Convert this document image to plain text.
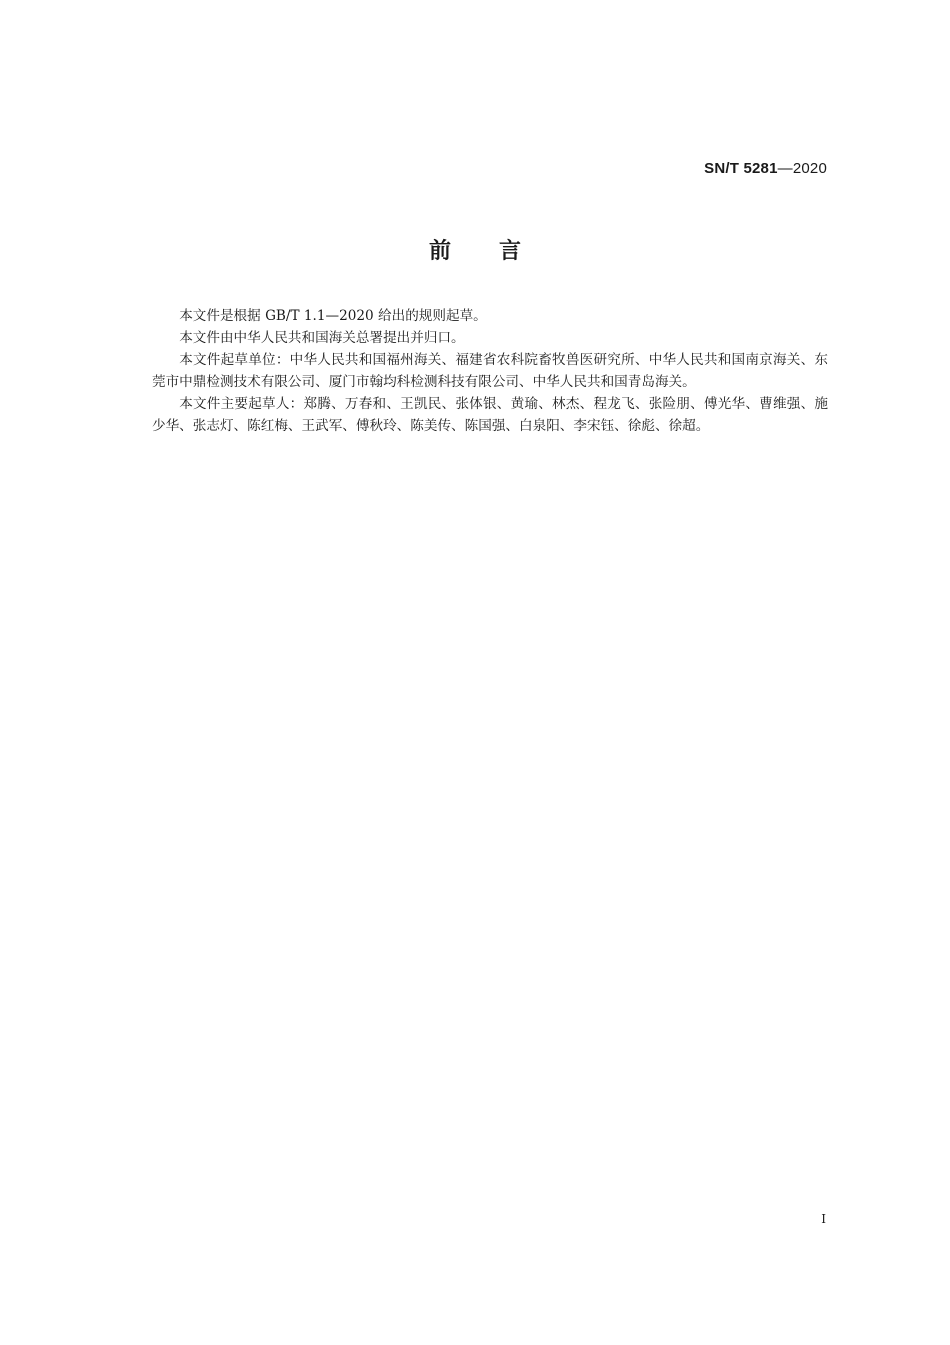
SN/T 5281—2020
前言

本文件是根据 GB/T 1.1—2020 给出的规则起草。

本文件由中华人民共和国海关总署提出并归口。

本文件起草单位：中华人民共和国福州海关、福建省农科院畜牧兽医研究所、中华人民共和国南京海关、东莞市中鼎检测技术有限公司、厦门市翰均科检测科技有限公司、中华人民共和国青岛海关。

本文件主要起草人：郑腾、万春和、王凯民、张体银、黄瑜、林杰、程龙飞、张险朋、傅光华、曹维强、施少华、张志灯、陈红梅、王武军、傅秋玲、陈美传、陈国强、白泉阳、李宋钰、徐彪、徐超。

I
